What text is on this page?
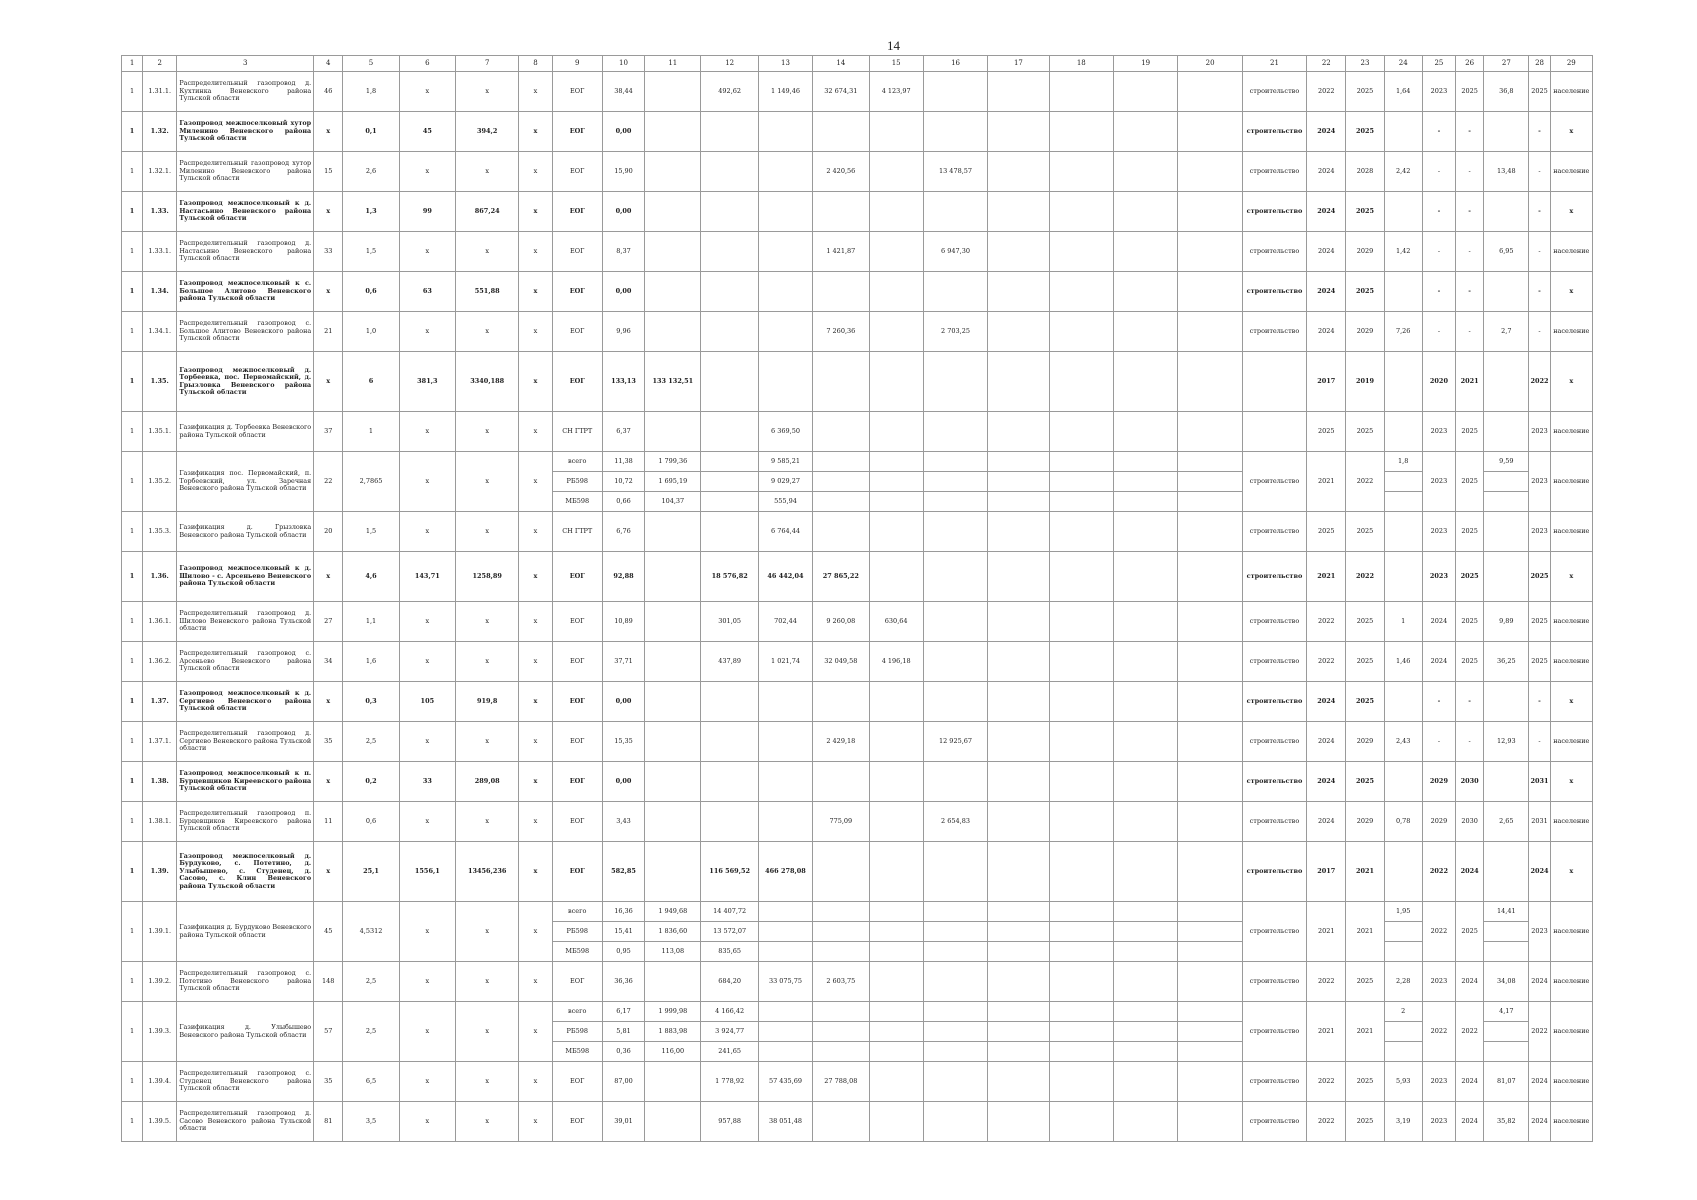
14
1	2	3	4	5	6	7	8	9	10	11	12	13	14	15	16	17	18	19	20	21	22	23	24	25	26	27	28	29
1	1.31.1.	Распределительный газопровод д. Кухтинка Веневского района Тульской области	46	1,8	x	x	x	ЕОГ	38,44		492,62	1 149,46	32 674,31	4 123,97						строительство	2022	2025	1,64	2023	2025	36,8	2025	население
1	1.32.	Газопровод межпоселковый хутор Миленино Веневского района Тульской области	x	0,1	45	394,2	x	ЕОГ	0,00											строительство	2024	2025		-	-		-	x
1	1.32.1.	Распределительный газопровод хутор Миленино Веневского района Тульской области	15	2,6	x	x	x	ЕОГ	15,90				2 420,56		13 478,57					строительство	2024	2028	2,42	-	-	13,48	-	население
1	1.33.	Газопровод межпоселковый к д. Настасьино Веневского района Тульской области	x	1,3	99	867,24	x	ЕОГ	0,00											строительство	2024	2025		-	-		-	x
1	1.33.1.	Распределительный газопровод д. Настасьино Веневского района Тульской области	33	1,5	x	x	x	ЕОГ	8,37				1 421,87		6 947,30					строительство	2024	2029	1,42	-	-	6,95	-	население
1	1.34.	Газопровод межпоселковый к с. Большое Алитово Веневского района Тульской области	x	0,6	63	551,88	x	ЕОГ	0,00											строительство	2024	2025		-	-		-	x
1	1.34.1.	Распределительный газопровод с. Большое Алитово Веневского района Тульской области	21	1,0	x	x	x	ЕОГ	9,96				7 260,36		2 703,25					строительство	2024	2029	7,26	-	-	2,7	-	население
1	1.35.	Газопровод межпоселковый д. Торбеевка, пос. Первомайский, д. Грызловка Веневского района Тульской области	x	6	381,3	3340,188	x	ЕОГ	133,13	133 132,51											2017	2019		2020	2021		2022	x
1	1.35.1.	Газификация д. Торбеевка Веневского района Тульской области	37	1	x	x	x	СН ГТРТ	6,37			6 369,50									2025	2025		2023	2025		2023	население
1	1.35.2.	Газификация пос. Первомайский, п. Торбеевский, ул. Заречная Веневского района Тульской области	22	2,7865	x	x	x	всего	11,38	1 799,36		9 585,21								строительство	2021	2022	1,8	2023	2025	9,59	2023	население
								РБ598	10,72	1 695,19		9 029,27																
								МБ598	0,66	104,37		555,94																
1	1.35.3.	Газификация д. Грызловка Веневского района Тульской области	20	1,5	x	x	x	СН ГТРТ	6,76			6 764,44								строительство	2025	2025		2023	2025		2023	население
1	1.36.	Газопровод межпоселковый к д. Шилово - с. Арсеньево Веневского района Тульской области	x	4,6	143,71	1258,89	x	ЕОГ	92,88		18 576,82	46 442,04	27 865,22							строительство	2021	2022		2023	2025		2025	x
1	1.36.1.	Распределительный газопровод д. Шилово Веневского района Тульской области	27	1,1	x	x	x	ЕОГ	10,89		301,05	702,44	9 260,08	630,64						строительство	2022	2025	1	2024	2025	9,89	2025	население
1	1.36.2.	Распределительный газопровод с. Арсеньево Веневского района Тульской области	34	1,6	x	x	x	ЕОГ	37,71		437,89	1 021,74	32 049,58	4 196,18						строительство	2022	2025	1,46	2024	2025	36,25	2025	население
1	1.37.	Газопровод межпоселковый к д. Сергиево Веневского района Тульской области	x	0,3	105	919,8	x	ЕОГ	0,00											строительство	2024	2025		-	-		-	x
1	1.37.1.	Распределительный газопровод д. Сергиево Веневского района Тульской области	35	2,5	x	x	x	ЕОГ	15,35				2 429,18		12 925,67					строительство	2024	2029	2,43	-	-	12,93	-	население
1	1.38.	Газопровод межпоселковый к п. Бурцевщиков Киреевского района Тульской области	x	0,2	33	289,08	x	ЕОГ	0,00											строительство	2024	2025		2029	2030		2031	x
1	1.38.1.	Распределительный газопровод п. Бурцевщиков Киреевского района Тульской области	11	0,6	x	x	x	ЕОГ	3,43				775,09		2 654,83					строительство	2024	2029	0,78	2029	2030	2,65	2031	население
1	1.39.	Газопровод межпоселковый д. Бурдуково, с. Потетино, д. Улыбышево, с. Студенец, д. Сасово, с. Клин Веневского района Тульской области	x	25,1	1556,1	13456,236	x	ЕОГ	582,85		116 569,52	466 278,08								строительство	2017	2021		2022	2024		2024	x
1	1.39.1.	Газификация д. Бурдуково Веневского района Тульской области	45	4,5312	x	x	x	всего	16,36	1 949,68	14 407,72									строительство	2021	2021	1,95	2022	2025	14,41	2023	население
								РБ598	15,41	1 836,60	13 572,07																	
								МБ598	0,95	113,08	835,65																	
1	1.39.2.	Распределительный газопровод с. Потетино Веневского района Тульской области	148	2,5	x	x	x	ЕОГ	36,36		684,20	33 075,75	2 603,75							строительство	2022	2025	2,28	2023	2024	34,08	2024	население
1	1.39.3.	Газификация д. Улыбышево Веневского района Тульской области	57	2,5	x	x	x	всего	6,17	1 999,98	4 166,42									строительство	2021	2021	2	2022	2022	4,17	2022	население
								РБ598	5,81	1 883,98	3 924,77																	
								МБ598	0,36	116,00	241,65																	
1	1.39.4.	Распределительный газопровод с. Студенец Веневского района Тульской области	35	6,5	x	x	x	ЕОГ	87,00		1 778,92	57 435,69	27 788,08							строительство	2022	2025	5,93	2023	2024	81,07	2024	население
1	1.39.5.	Распределительный газопровод д. Сасово Веневского района Тульской области	81	3,5	x	x	x	ЕОГ	39,01		957,88	38 051,48								строительство	2022	2025	3,19	2023	2024	35,82	2024	население
